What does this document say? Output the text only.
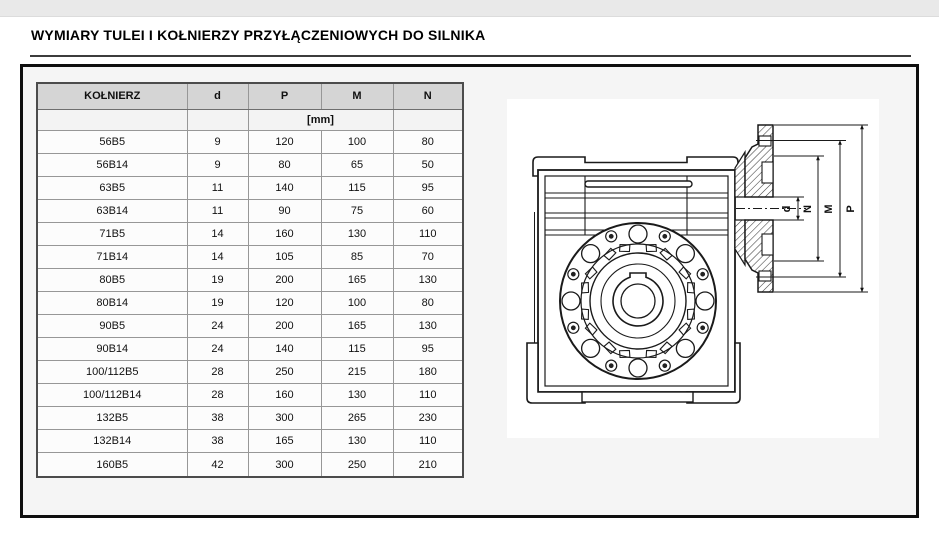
WYMIARY TULEI I KOŁNIERZY PRZYŁĄCZENIOWYCH DO SILNIKA
KOŁNIERZ	d	P	M	N
		[mm]		
56B5	9	120	100	80
56B14	9	80	65	50
63B5	11	140	115	95
63B14	11	90	75	60
71B5	14	160	130	110
71B14	14	105	85	70
80B5	19	200	165	130
80B14	19	120	100	80
90B5	24	200	165	130
90B14	24	140	115	95
100/112B5	28	250	215	180
100/112B14	28	160	130	110
132B5	38	300	265	230
132B14	38	165	130	110
160B5	42	300	250	210
d N M P
